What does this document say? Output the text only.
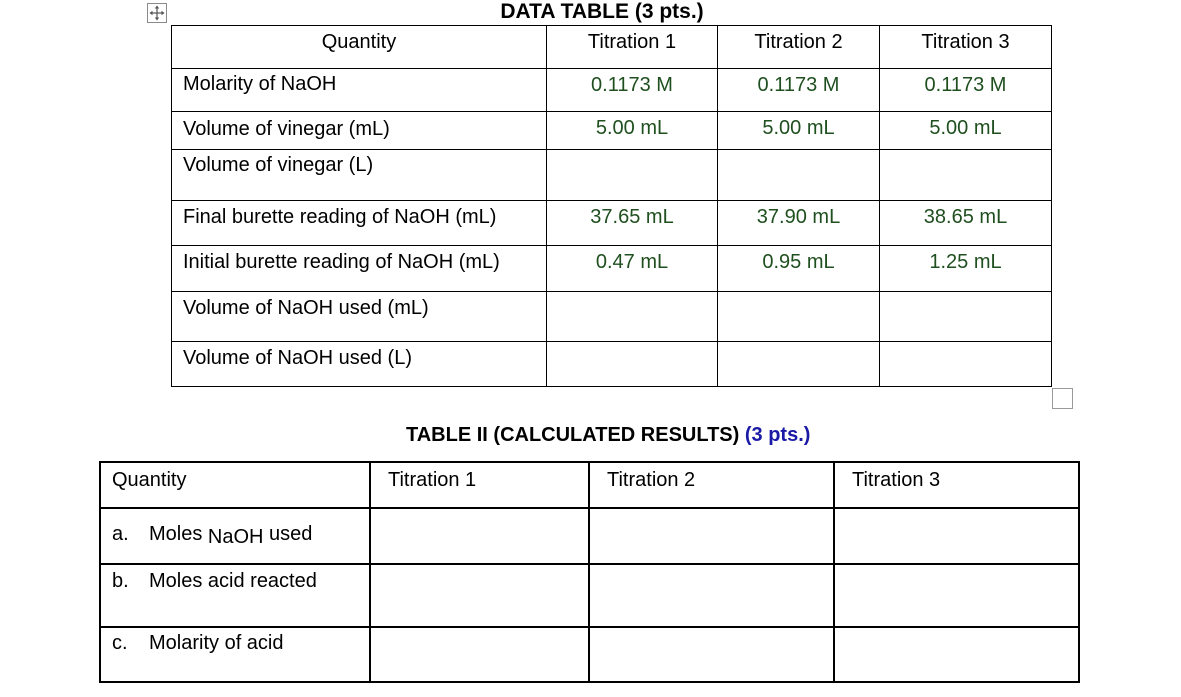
DATA TABLE (3 pts.)
Quantity	Titration 1	Titration 2	Titration 3
Molarity of NaOH	0.1173 M	0.1173 M	0.1173 M
Volume of vinegar (mL)	5.00 mL	5.00 mL	5.00 mL
Volume of vinegar (L)			
Final burette reading of NaOH (mL)	37.65 mL	37.90 mL	38.65 mL
Initial burette reading of NaOH (mL)	0.47 mL	0.95 mL	1.25 mL
Volume of NaOH used (mL)			
Volume of NaOH used (L)			
TABLE II (CALCULATED RESULTS) (3 pts.)
Quantity	Titration 1	Titration 2	Titration 3
a. Moles NaOH used			
b. Moles acid reacted			
c. Molarity of acid			
